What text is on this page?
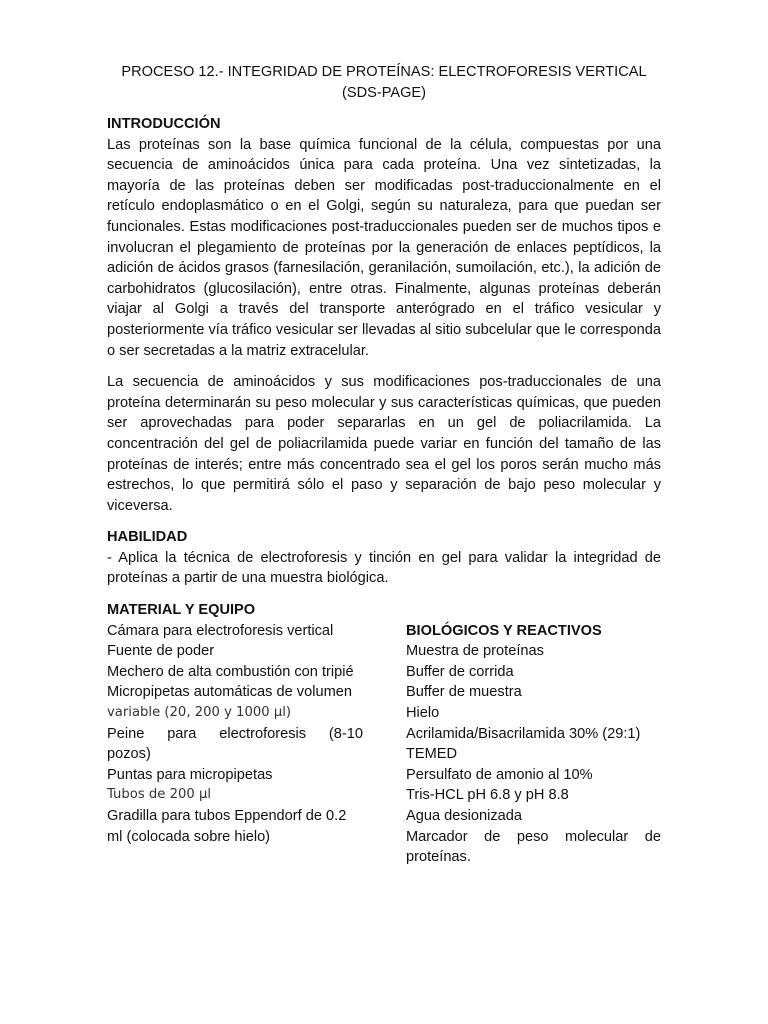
PROCESO 12.- INTEGRIDAD DE PROTEÍNAS: ELECTROFORESIS VERTICAL
(SDS-PAGE)
INTRODUCCIÓN

Las proteínas son la base química funcional de la célula, compuestas por una secuencia de aminoácidos única para cada proteína. Una vez sintetizadas, la mayoría de las proteínas deben ser modificadas post-traduccionalmente en el retículo endoplasmático o en el Golgi, según su naturaleza, para que puedan ser funcionales. Estas modificaciones post-traduccionales pueden ser de muchos tipos e involucran el plegamiento de proteínas por la generación de enlaces peptídicos, la adición de ácidos grasos (farnesilación, geranilación, sumoilación, etc.), la adición de carbohidratos (glucosilación), entre otras. Finalmente, algunas proteínas deberán viajar al Golgi a través del transporte anterógrado en el tráfico vesicular y posteriormente vía tráfico vesicular ser llevadas al sitio subcelular que le corresponda o ser secretadas a la matriz extracelular.

La secuencia de aminoácidos y sus modificaciones pos-traduccionales de una proteína determinarán su peso molecular y sus características químicas, que pueden ser aprovechadas para poder separarlas en un gel de poliacrilamida. La concentración del gel de poliacrilamida puede variar en función del tamaño de las proteínas de interés; entre más concentrado sea el gel los poros serán mucho más estrechos, lo que permitirá sólo el paso y separación de bajo peso molecular y viceversa.

HABILIDAD

- Aplica la técnica de electroforesis y tinción en gel para validar la integridad de proteínas a partir de una muestra biológica.

MATERIAL Y EQUIPO
Cámara para electroforesis vertical
Fuente de poder
Mechero de alta combustión con tripié
Micropipetas automáticas de volumen
variable (20, 200 y 1000 µl)
Peine para electroforesis (8-10
pozos)
Puntas para micropipetas
Tubos de 200 µl
Gradilla para tubos Eppendorf de 0.2
ml (colocada sobre hielo)
BIOLÓGICOS Y REACTIVOS
Muestra de proteínas
Buffer de corrida
Buffer de muestra
Hielo
Acrilamida/Bisacrilamida 30% (29:1)
TEMED
Persulfato de amonio al 10%
Tris-HCL pH 6.8 y pH 8.8
Agua desionizada
Marcador de peso molecular de
proteínas.
